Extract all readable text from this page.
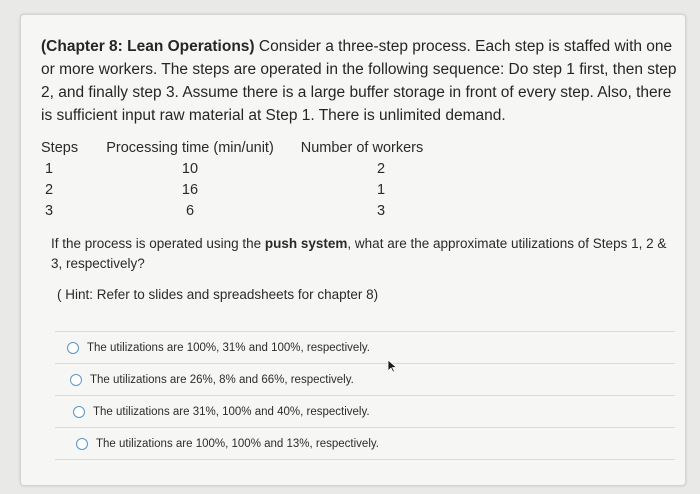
(Chapter 8: Lean Operations) Consider a three-step process. Each step is staffed with one or more workers. The steps are operated in the following sequence: Do step 1 first, then step 2, and finally step 3. Assume there is a large buffer storage in front of every step. Also, there is sufficient input raw material at Step 1. There is unlimited demand.
Steps	Processing time (min/unit)	Number of workers
1	10	2
2	16	1
3	6	3
If the process is operated using the push system, what are the approximate utilizations of Steps 1, 2 & 3, respectively?
( Hint: Refer to slides and spreadsheets for chapter 8)
The utilizations are 100%, 31% and 100%, respectively.
The utilizations are 26%, 8% and 66%, respectively.
The utilizations are 31%, 100% and 40%, respectively.
The utilizations are 100%, 100% and 13%, respectively.
